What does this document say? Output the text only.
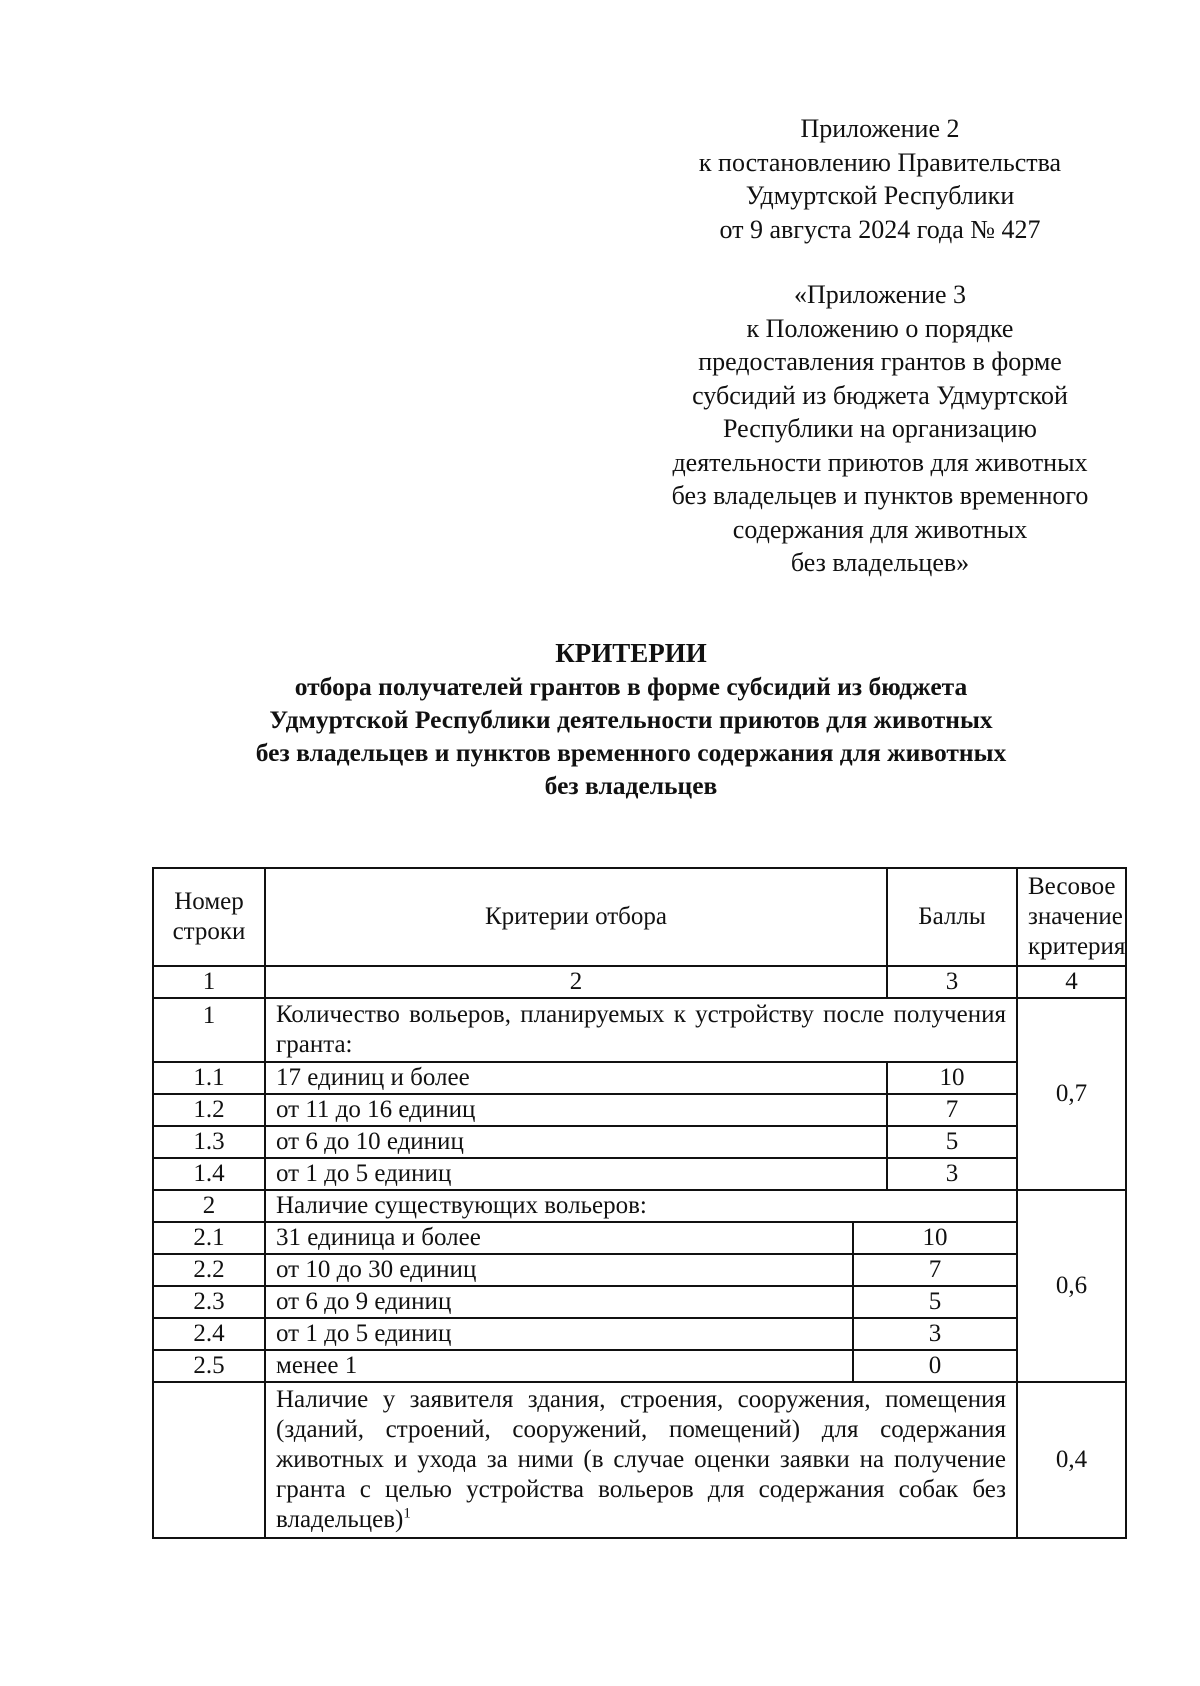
Приложение 2
к постановлению Правительства
Удмуртской Республики
от 9 августа 2024 года № 427
«Приложение 3
к Положению о порядке
предоставления грантов в форме
субсидий из бюджета Удмуртской
Республики на организацию
деятельности приютов для животных
без владельцев и пунктов временного
содержания для животных
без владельцев»
КРИТЕРИИ
отбора получателей грантов в форме субсидий из бюджета
Удмуртской Республики деятельности приютов для животных
без владельцев и пунктов временного содержания для животных
без владельцев
Номер строки	Критерии отбора		Баллы	Весовое значение критерия
1	2		3	4
1	Количество вольеров, планируемых к устройству после получения гранта:			0,7
1.1	17 единиц и более		10	
1.2	от 11 до 16 единиц		7	
1.3	от 6 до 10 единиц		5	
1.4	от 1 до 5 единиц		3	
2	Наличие существующих вольеров:			0,6
2.1	31 единица и более	10		
2.2	от 10 до 30 единиц	7		
2.3	от 6 до 9 единиц	5		
2.4	от 1 до 5 единиц	3		
2.5	менее 1	0		
	Наличие у заявителя здания, строения, сооружения, помещения (зданий, строений, сооружений, помещений) для содержания животных и ухода за ними (в случае оценки заявки на получение гранта с целью устройства вольеров для содержания собак без владельцев)$^1$			0,4
